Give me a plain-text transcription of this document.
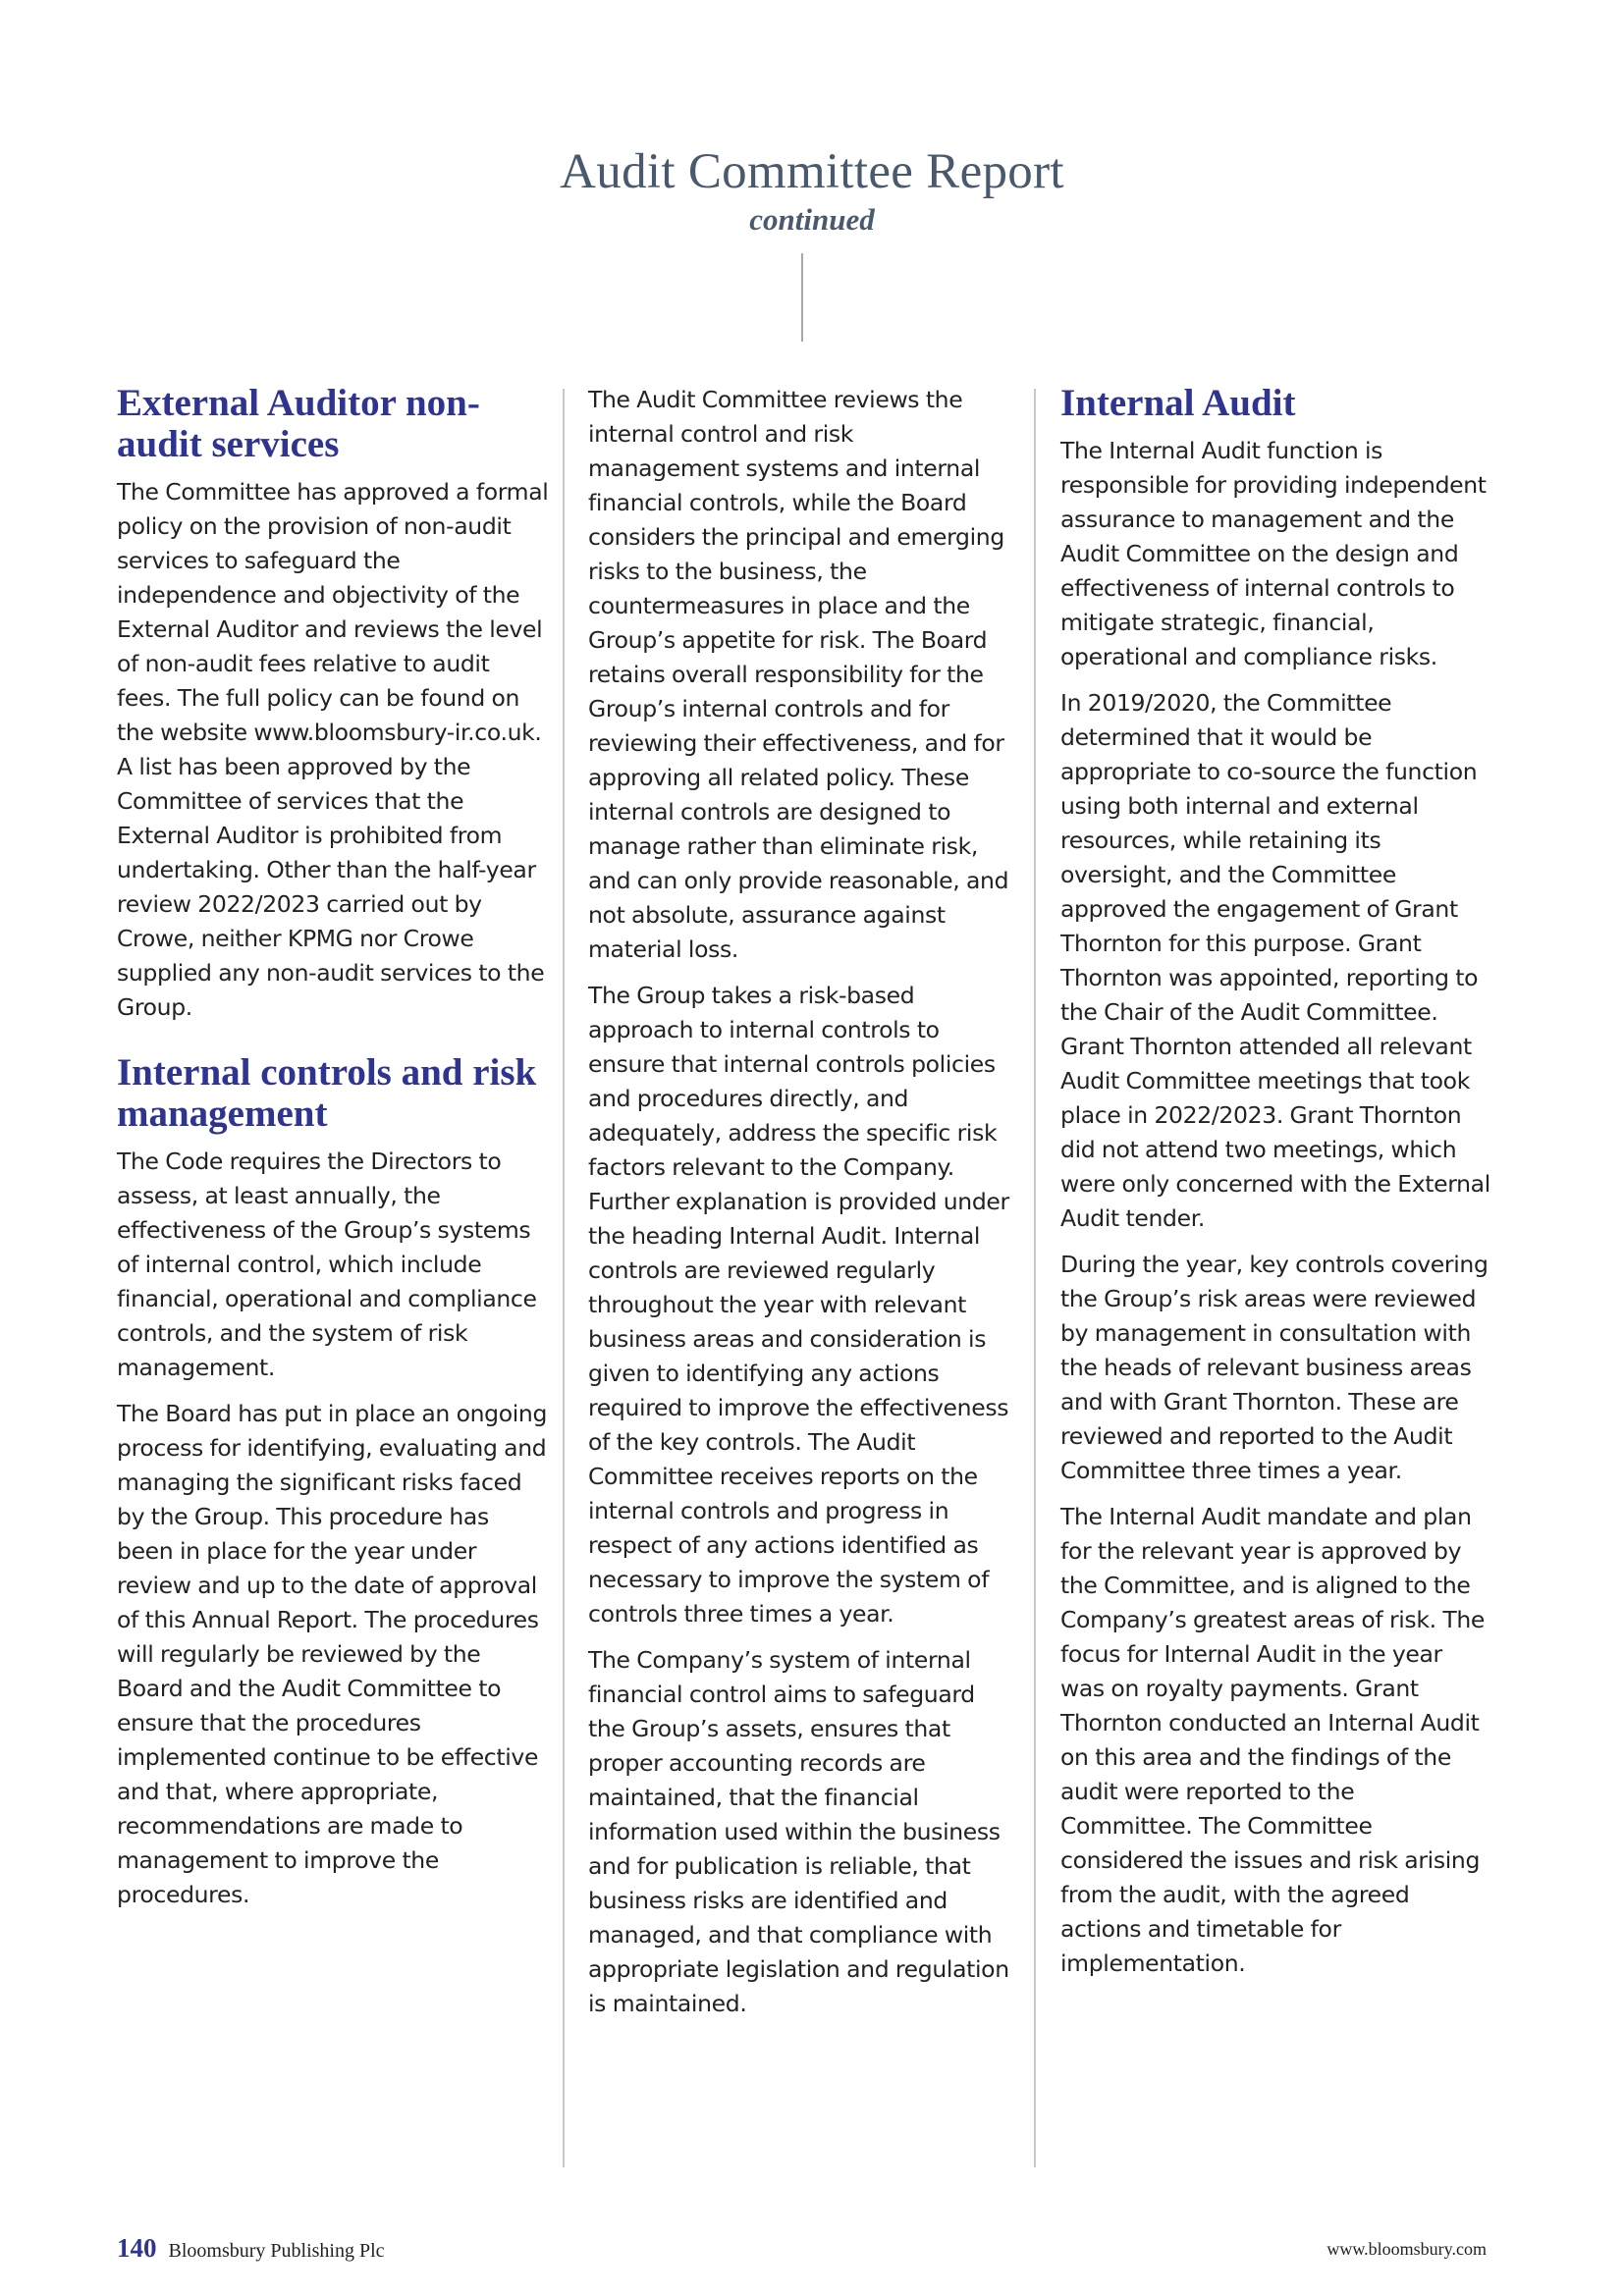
Audit Committee Report
continued
External Auditor non-audit services

The Committee has approved a formal policy on the provision of non-audit services to safeguard the independence and objectivity of the External Auditor and reviews the level of non-audit fees relative to audit fees. The full policy can be found on the website www.bloomsbury-ir.co.uk. A list has been approved by the Committee of services that the External Auditor is prohibited from undertaking. Other than the half-year review 2022/2023 carried out by Crowe, neither KPMG nor Crowe supplied any non-audit services to the Group.

Internal controls and risk management

The Code requires the Directors to assess, at least annually, the effectiveness of the Group’s systems of internal control, which include financial, operational and compliance controls, and the system of risk management.

The Board has put in place an ongoing process for identifying, evaluating and managing the significant risks faced by the Group. This procedure has been in place for the year under review and up to the date of approval of this Annual Report. The procedures will regularly be reviewed by the Board and the Audit Committee to ensure that the procedures implemented continue to be effective and that, where appropriate, recommendations are made to management to improve the procedures.

The Audit Committee reviews the internal control and risk management systems and internal financial controls, while the Board considers the principal and emerging risks to the business, the countermeasures in place and the Group’s appetite for risk. The Board retains overall responsibility for the Group’s internal controls and for reviewing their effectiveness, and for approving all related policy. These internal controls are designed to manage rather than eliminate risk, and can only provide reasonable, and not absolute, assurance against material loss.

The Group takes a risk-based approach to internal controls to ensure that internal controls policies and procedures directly, and adequately, address the specific risk factors relevant to the Company. Further explanation is provided under the heading Internal Audit. Internal controls are reviewed regularly throughout the year with relevant business areas and consideration is given to identifying any actions required to improve the effectiveness of the key controls. The Audit Committee receives reports on the internal controls and progress in respect of any actions identified as necessary to improve the system of controls three times a year.

The Company’s system of internal financial control aims to safeguard the Group’s assets, ensures that proper accounting records are maintained, that the financial information used within the business and for publication is reliable, that business risks are identified and managed, and that compliance with appropriate legislation and regulation is maintained.

Internal Audit

The Internal Audit function is responsible for providing independent assurance to management and the Audit Committee on the design and effectiveness of internal controls to mitigate strategic, financial, operational and compliance risks.

In 2019/2020, the Committee determined that it would be appropriate to co-source the function using both internal and external resources, while retaining its oversight, and the Committee approved the engagement of Grant Thornton for this purpose. Grant Thornton was appointed, reporting to the Chair of the Audit Committee. Grant Thornton attended all relevant Audit Committee meetings that took place in 2022/2023. Grant Thornton did not attend two meetings, which were only concerned with the External Audit tender.

During the year, key controls covering the Group’s risk areas were reviewed by management in consultation with the heads of relevant business areas and with Grant Thornton. These are reviewed and reported to the Audit Committee three times a year.

The Internal Audit mandate and plan for the relevant year is approved by the Committee, and is aligned to the Company’s greatest areas of risk. The focus for Internal Audit in the year was on royalty payments. Grant Thornton conducted an Internal Audit on this area and the findings of the audit were reported to the Committee. The Committee considered the issues and risk arising from the audit, with the agreed actions and timetable for implementation.

140 Bloomsbury Publishing Plc	www.bloomsbury.com
